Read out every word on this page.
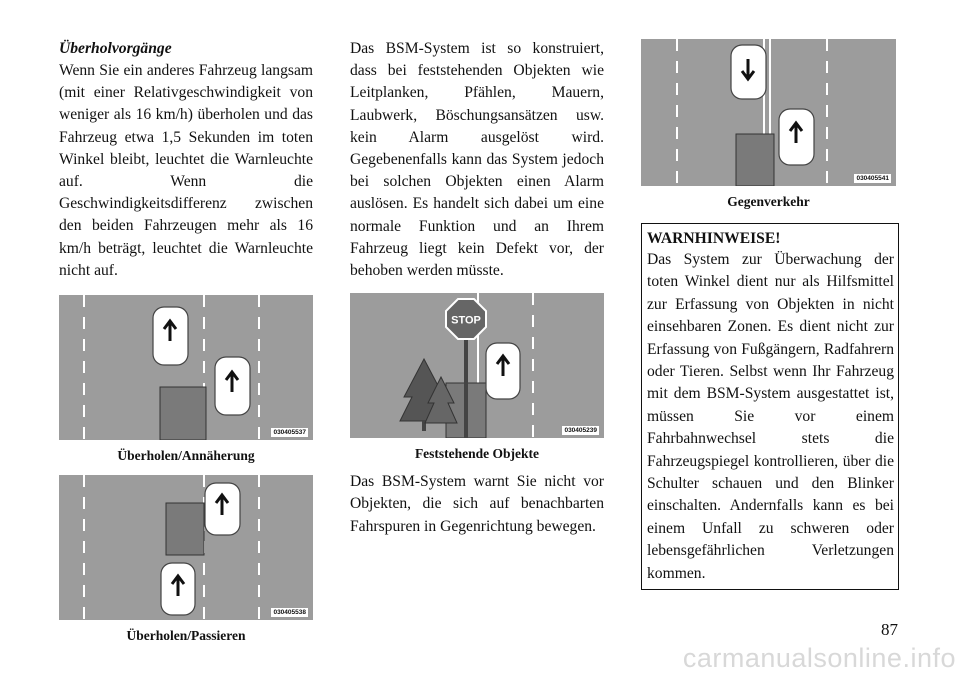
Überholvorgänge
Wenn Sie ein anderes Fahrzeug langsam (mit einer Relativgeschwindigkeit von weniger als 16 km/h) überholen und das Fahrzeug etwa 1,5 Sekunden im toten Winkel bleibt, leuchtet die Warnleuchte auf. Wenn die Geschwindigkeitsdifferenz zwischen den beiden Fahrzeugen mehr als 16 km/h beträgt, leuchtet die Warnleuchte nicht auf.
030405537
Überholen/Annäherung
030405538
Überholen/Passieren
Das BSM-System ist so konstruiert, dass bei feststehenden Objekten wie Leitplanken, Pfählen, Mauern, Laubwerk, Böschungsansätzen usw. kein Alarm ausgelöst wird. Gegebenenfalls kann das System jedoch bei solchen Objekten einen Alarm auslösen. Es handelt sich dabei um eine normale Funktion und an Ihrem Fahrzeug liegt kein Defekt vor, der behoben werden müsste.
STOP
030405239
Feststehende Objekte
Das BSM-System warnt Sie nicht vor Objekten, die sich auf benachbarten Fahrspuren in Gegenrichtung bewegen.
030405541
Gegenverkehr
WARNHINWEISE!
Das System zur Überwachung der toten Winkel dient nur als Hilfsmittel zur Erfassung von Objekten in nicht einsehbaren Zonen. Es dient nicht zur Erfassung von Fußgängern, Radfahrern oder Tieren. Selbst wenn Ihr Fahrzeug mit dem BSM-System ausgestattet ist, müssen Sie vor einem Fahrbahnwechsel stets die Fahrzeugspiegel kontrollieren, über die Schulter schauen und den Blinker einschalten. Andernfalls kann es bei einem Unfall zu schweren oder lebensgefährlichen Verletzungen kommen.
87
carmanualsonline.info
